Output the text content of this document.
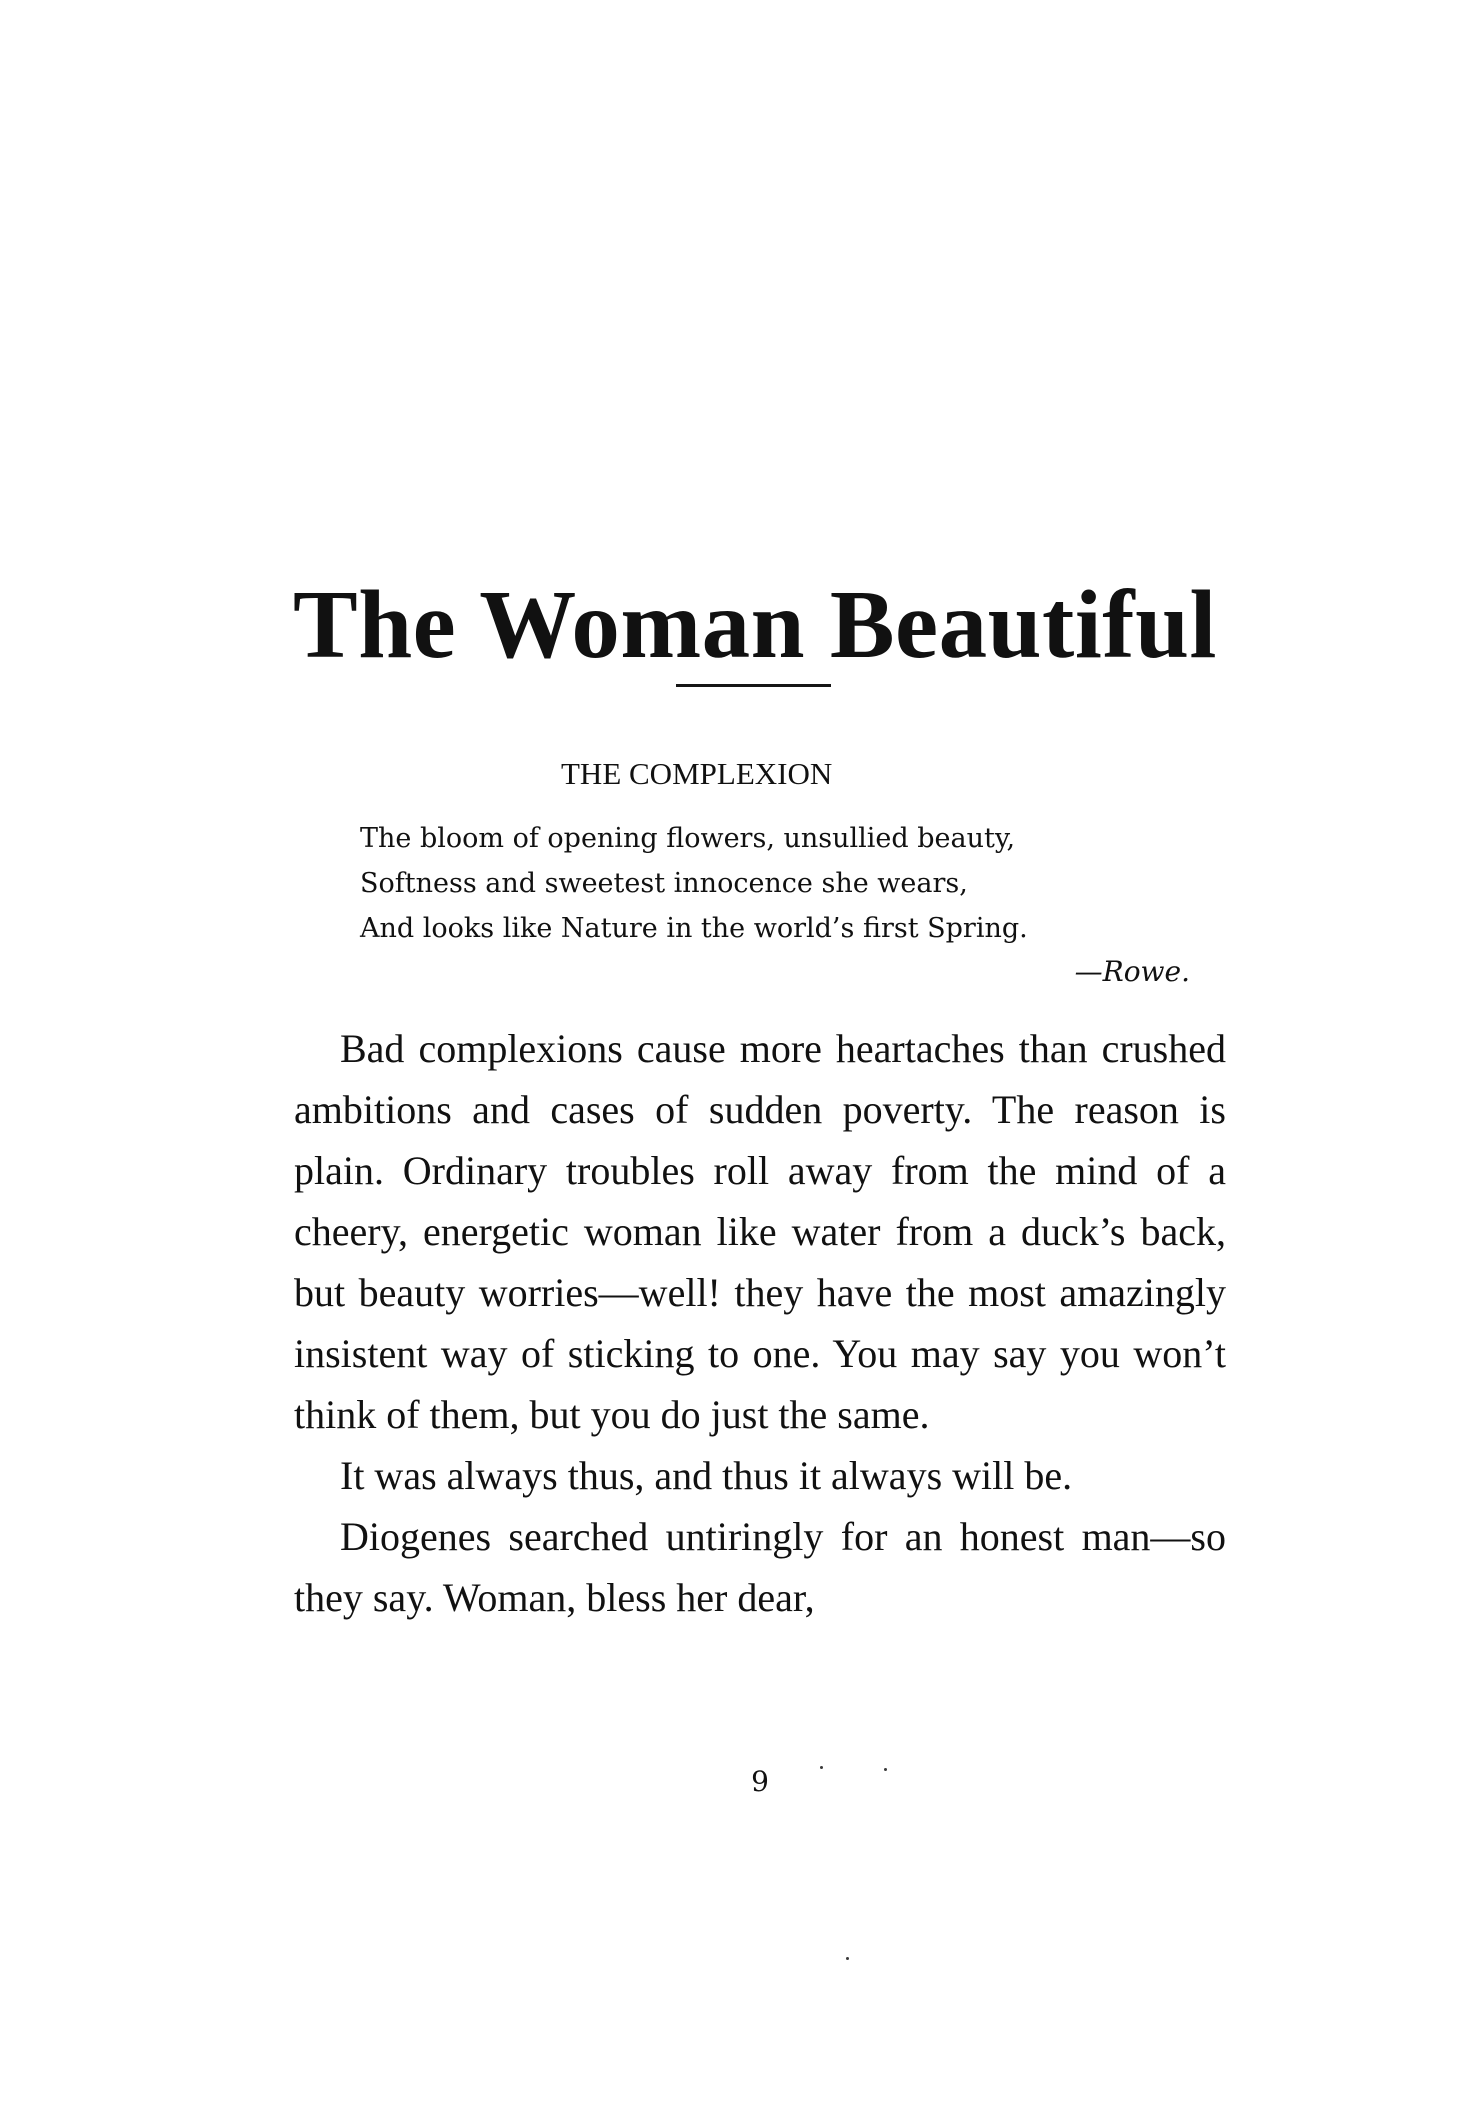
The Woman Beautiful
THE COMPLEXION
The bloom of opening flowers, unsullied beauty,
Softness and sweetest innocence she wears,
And looks like Nature in the world’s first Spring.
—Rowe.

Bad complexions cause more heartaches than crushed ambitions and cases of sudden poverty. The reason is plain. Ordinary troubles roll away from the mind of a cheery, energetic woman like water from a duck’s back, but beauty worries—well! they have the most amazingly insistent way of sticking to one. You may say you won’t think of them, but you do just the same.

It was always thus, and thus it always will be.

Diogenes searched untiringly for an honest man—so they say. Woman, bless her dear,

9
